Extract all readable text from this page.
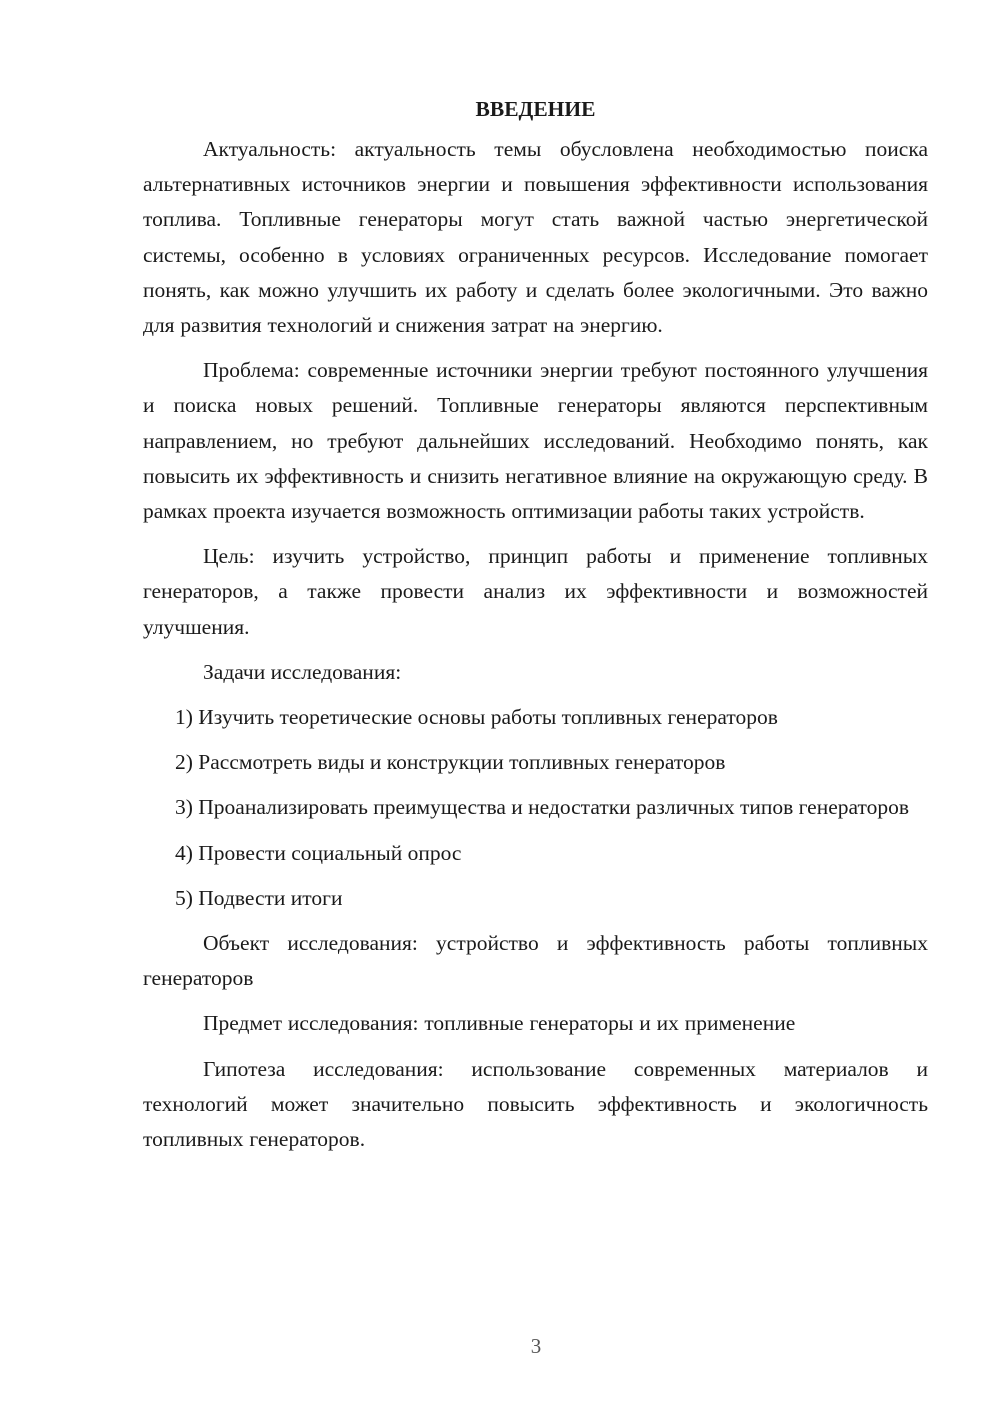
ВВЕДЕНИЕ

Актуальность: актуальность темы обусловлена необходимостью поиска альтернативных источников энергии и повышения эффективности использования топлива. Топливные генераторы могут стать важной частью энергетической системы, особенно в условиях ограниченных ресурсов. Исследование помогает понять, как можно улучшить их работу и сделать более экологичными. Это важно для развития технологий и снижения затрат на энергию.

Проблема: современные источники энергии требуют постоянного улучшения и поиска новых решений. Топливные генераторы являются перспективным направлением, но требуют дальнейших исследований. Необходимо понять, как повысить их эффективность и снизить негативное влияние на окружающую среду. В рамках проекта изучается возможность оптимизации работы таких устройств.

Цель: изучить устройство, принцип работы и применение топливных генераторов, а также провести анализ их эффективности и возможностей улучшения.

Задачи исследования:

1) Изучить теоретические основы работы топливных генераторов

2) Рассмотреть виды и конструкции топливных генераторов

3) Проанализировать преимущества и недостатки различных типов генераторов

4) Провести социальный опрос

5) Подвести итоги

Объект исследования: устройство и эффективность работы топливных генераторов

Предмет исследования: топливные генераторы и их применение

Гипотеза исследования: использование современных материалов и технологий может значительно повысить эффективность и экологичность топливных генераторов.

3
